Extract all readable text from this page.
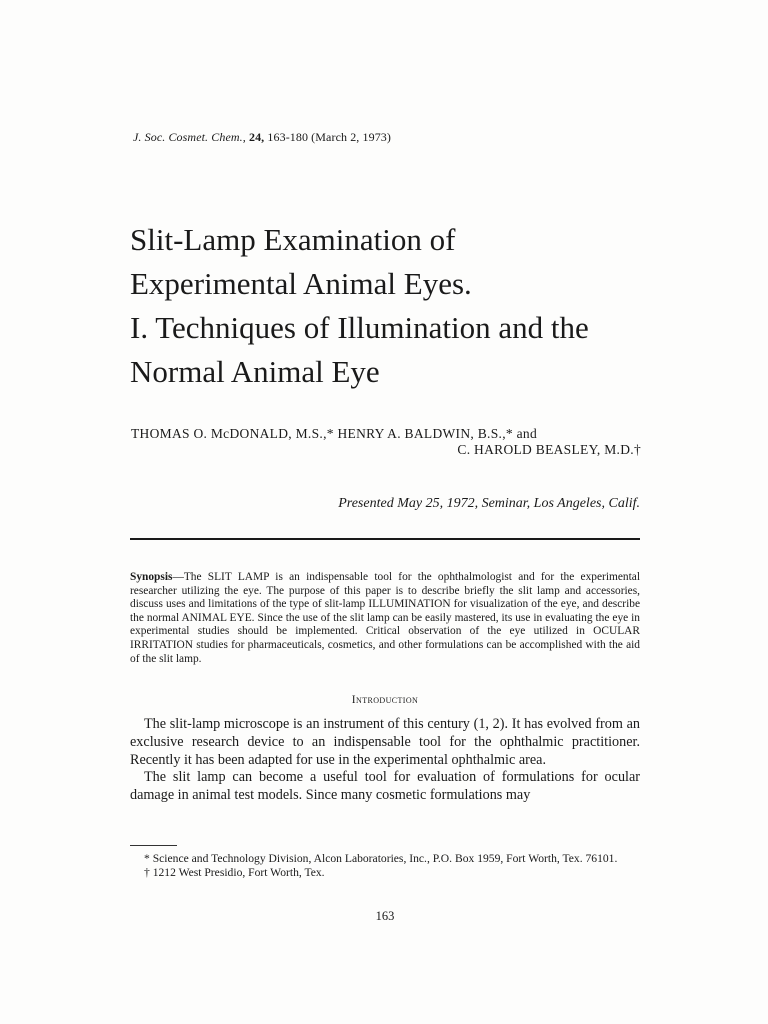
J. Soc. Cosmet. Chem., 24, 163-180 (March 2, 1973)
Slit-Lamp Examination of
Experimental Animal Eyes.
I. Techniques of Illumination and the
Normal Animal Eye
THOMAS O. McDONALD, M.S.,* HENRY A. BALDWIN, B.S.,* and
C. HAROLD BEASLEY, M.D.†
Presented May 25, 1972, Seminar, Los Angeles, Calif.

Synopsis—The SLIT LAMP is an indispensable tool for the ophthalmologist and for the experimental researcher utilizing the eye. The purpose of this paper is to describe briefly the slit lamp and accessories, discuss uses and limitations of the type of slit-lamp ILLUMINATION for visualization of the eye, and describe the normal ANIMAL EYE. Since the use of the slit lamp can be easily mastered, its use in evaluating the eye in experimental studies should be implemented. Critical observation of the eye utilized in OCULAR IRRITATION studies for pharmaceuticals, cosmetics, and other formulations can be accomplished with the aid of the slit lamp.

Introduction

The slit-lamp microscope is an instrument of this century (1, 2). It has evolved from an exclusive research device to an indispensable tool for the ophthalmic practitioner. Recently it has been adapted for use in the experimental ophthalmic area.

The slit lamp can become a useful tool for evaluation of formulations for ocular damage in animal test models. Since many cosmetic formulations may

* Science and Technology Division, Alcon Laboratories, Inc., P.O. Box 1959, Fort Worth, Tex. 76101.

† 1212 West Presidio, Fort Worth, Tex.

163
